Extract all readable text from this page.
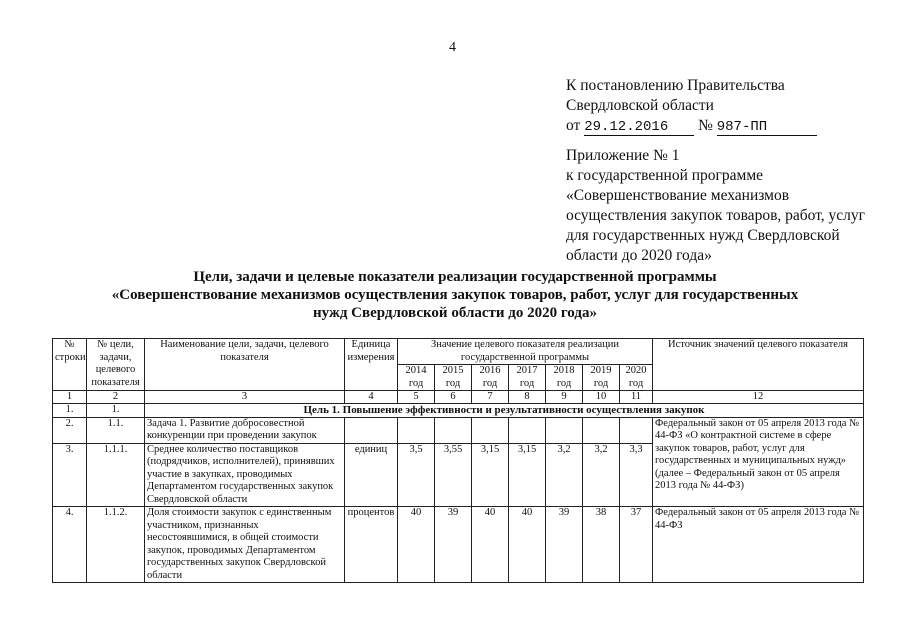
4
К постановлению Правительства
Свердловской области
от 29.12.2016 № 987-ПП
Приложение № 1
к государственной программе
«Совершенствование механизмов
осуществления закупок товаров, работ, услуг
для государственных нужд Свердловской
области до 2020 года»
Цели, задачи и целевые показатели реализации государственной программы
«Совершенствование механизмов осуществления закупок товаров, работ, услуг для государственных
нужд Свердловской области до 2020 года»
№ строки	№ цели, задачи, целевого показателя	Наименование цели, задачи, целевого показателя	Единица измерения	Значение целевого показателя реализации государственной программы							Источник значений целевого показателя
				2014 год	2015 год	2016 год	2017 год	2018 год	2019 год	2020 год	
1	2	3	4	5	6	7	8	9	10	11	12
1.	1.	Цель 1. Повышение эффективности и результативности осуществления закупок									
2.	1.1.	Задача 1. Развитие добросовестной конкуренции при проведении закупок									Федеральный закон от 05 апреля 2013 года № 44-ФЗ «О контрактной системе в сфере закупок товаров, работ, услуг для государственных и муниципальных нужд» (далее – Федеральный закон от 05 апреля 2013 года № 44-ФЗ)
3.	1.1.1.	Среднее количество поставщиков (подрядчиков, исполнителей), принявших участие в закупках, проводимых Департаментом государственных закупок Свердловской области	единиц	3,5	3,55	3,15	3,15	3,2	3,2	3,3	
4.	1.1.2.	Доля стоимости закупок с единственным участником, признанных несостоявшимися, в общей стоимости закупок, проводимых Департаментом государственных закупок Свердловской области	процентов	40	39	40	40	39	38	37	Федеральный закон от 05 апреля 2013 года № 44-ФЗ
